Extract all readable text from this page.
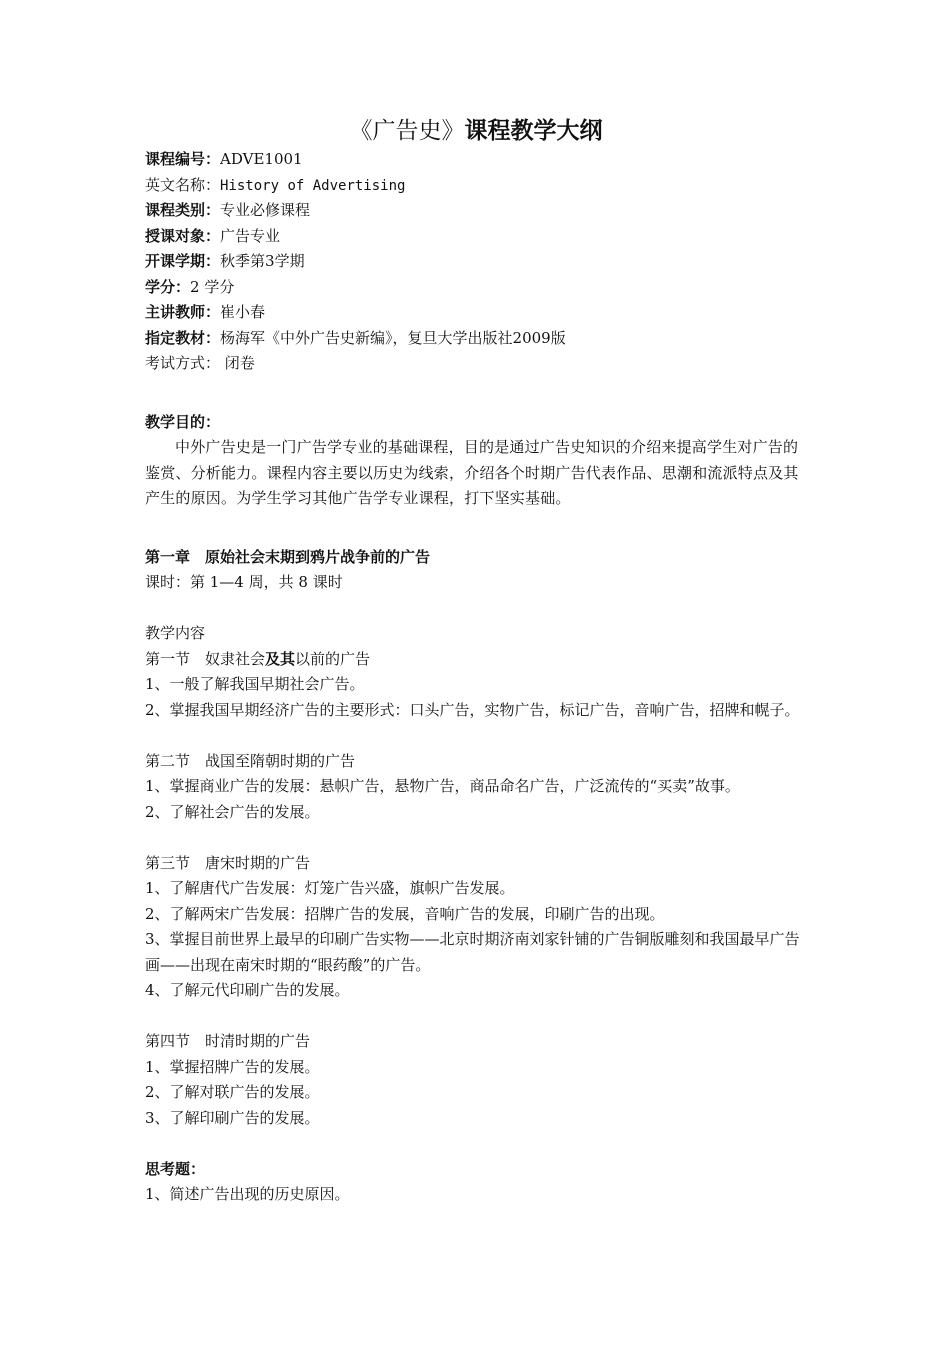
《广告史》课程教学大纲
课程编号：ADVE1001
英文名称：History of Advertising
课程类别：专业必修课程
授课对象：广告专业
开课学期：秋季第3学期
学分：2 学分
主讲教师：崔小春
指定教材：杨海军《中外广告史新编》，复旦大学出版社2009版
考试方式： 闭卷
教学目的：
中外广告史是一门广告学专业的基础课程，目的是通过广告史知识的介绍来提高学生对广告的鉴赏、分析能力。课程内容主要以历史为线索，介绍各个时期广告代表作品、思潮和流派特点及其产生的原因。为学生学习其他广告学专业课程，打下坚实基础。
第一章　原始社会末期到鸦片战争前的广告
课时：第 1—4 周，共 8 课时
教学内容
第一节　奴隶社会及其以前的广告
1、一般了解我国早期社会广告。
2、掌握我国早期经济广告的主要形式：口头广告，实物广告，标记广告，音响广告，招牌和幌子。
第二节　战国至隋朝时期的广告
1、掌握商业广告的发展：悬帜广告，悬物广告，商品命名广告，广泛流传的“买卖”故事。
2、了解社会广告的发展。
第三节　唐宋时期的广告
1、了解唐代广告发展：灯笼广告兴盛，旗帜广告发展。
2、了解两宋广告发展：招牌广告的发展，音响广告的发展，印刷广告的出现。
3、掌握目前世界上最早的印刷广告实物——北京时期济南刘家针铺的广告铜版雕刻和我国最早广告画——出现在南宋时期的“眼药酸”的广告。
4、了解元代印刷广告的发展。
第四节　时清时期的广告
1、掌握招牌广告的发展。
2、了解对联广告的发展。
3、了解印刷广告的发展。
思考题：
1、简述广告出现的历史原因。
